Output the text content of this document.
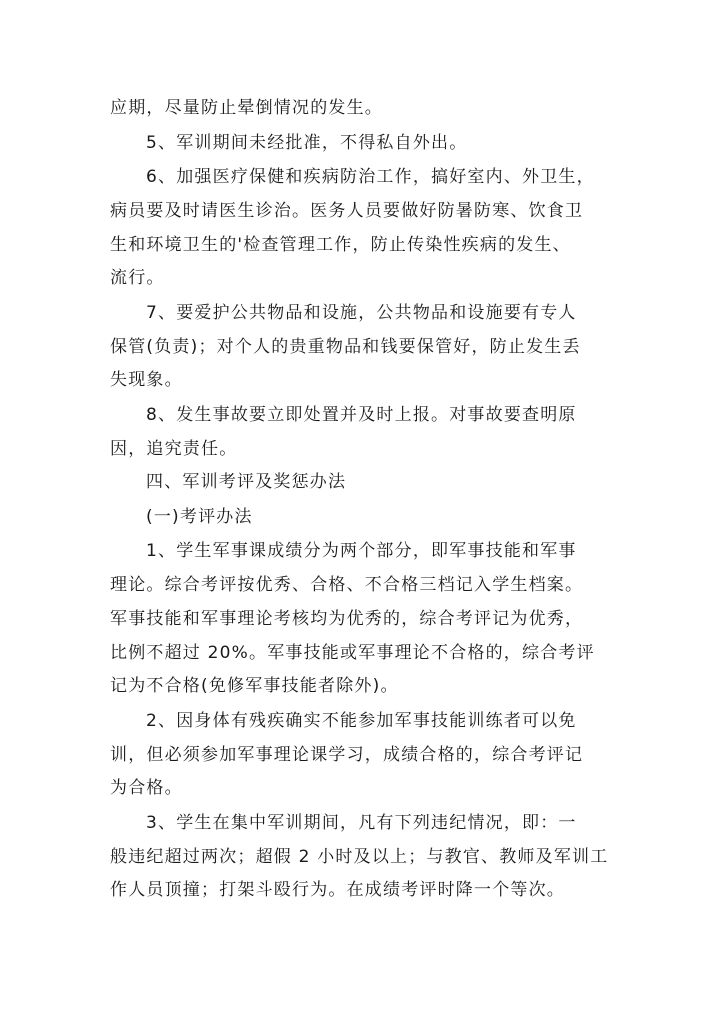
应期，尽量防止晕倒情况的发生。
5、军训期间未经批准，不得私自外出。
6、加强医疗保健和疾病防治工作，搞好室内、外卫生，
病员要及时请医生诊治。医务人员要做好防暑防寒、饮食卫
生和环境卫生的'检查管理工作，防止传染性疾病的发生、
流行。
7、要爱护公共物品和设施，公共物品和设施要有专人
保管(负责)；对个人的贵重物品和钱要保管好，防止发生丢
失现象。
8、发生事故要立即处置并及时上报。对事故要查明原
因，追究责任。
四、军训考评及奖惩办法
(一)考评办法
1、学生军事课成绩分为两个部分，即军事技能和军事
理论。综合考评按优秀、合格、不合格三档记入学生档案。
军事技能和军事理论考核均为优秀的，综合考评记为优秀，
比例不超过 20%。军事技能或军事理论不合格的，综合考评
记为不合格(免修军事技能者除外)。
2、因身体有残疾确实不能参加军事技能训练者可以免
训，但必须参加军事理论课学习，成绩合格的，综合考评记
为合格。
3、学生在集中军训期间，凡有下列违纪情况，即：一
般违纪超过两次；超假 2 小时及以上；与教官、教师及军训工
作人员顶撞；打架斗殴行为。在成绩考评时降一个等次。
